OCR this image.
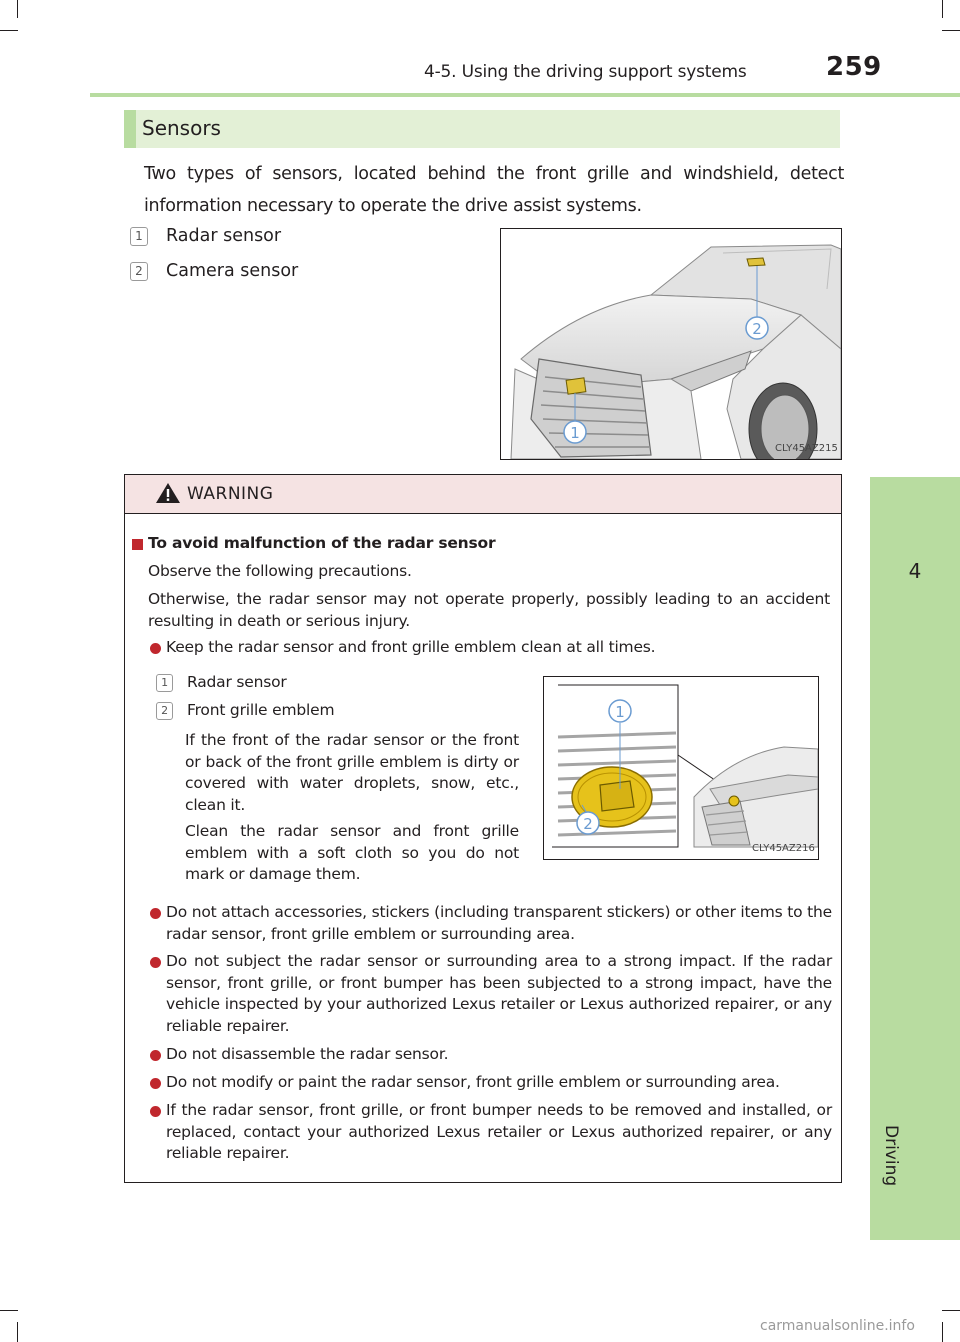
4-5. Using the driving support systems	259
4
Driving
Sensors
Two types of sensors, located behind the front grille and windshield, detect information necessary to operate the drive assist systems.
1 Radar sensor
2 Camera sensor
2
1
CLY45AZ215
WARNING
To avoid malfunction of the radar sensor
Observe the following precautions.
Otherwise, the radar sensor may not operate properly, possibly leading to an accident resulting in death or serious injury.
Keep the radar sensor and front grille emblem clean at all times.
1 Radar sensor
2 Front grille emblem
If the front of the radar sensor or the front or back of the front grille emblem is dirty or covered with water droplets, snow, etc., clean it.
Clean the radar sensor and front grille emblem with a soft cloth so you do not mark or damage them.
1
2
CLY45AZ216
Do not attach accessories, stickers (including transparent stickers) or other items to the radar sensor, front grille emblem or surrounding area.
Do not subject the radar sensor or surrounding area to a strong impact. If the radar sensor, front grille, or front bumper has been subjected to a strong impact, have the vehicle inspected by your authorized Lexus retailer or Lexus authorized repairer, or any reliable repairer.
Do not disassemble the radar sensor.
Do not modify or paint the radar sensor, front grille emblem or surrounding area.
If the radar sensor, front grille, or front bumper needs to be removed and installed, or replaced, contact your authorized Lexus retailer or Lexus authorized repairer, or any reliable repairer.
carmanualsonline.info
